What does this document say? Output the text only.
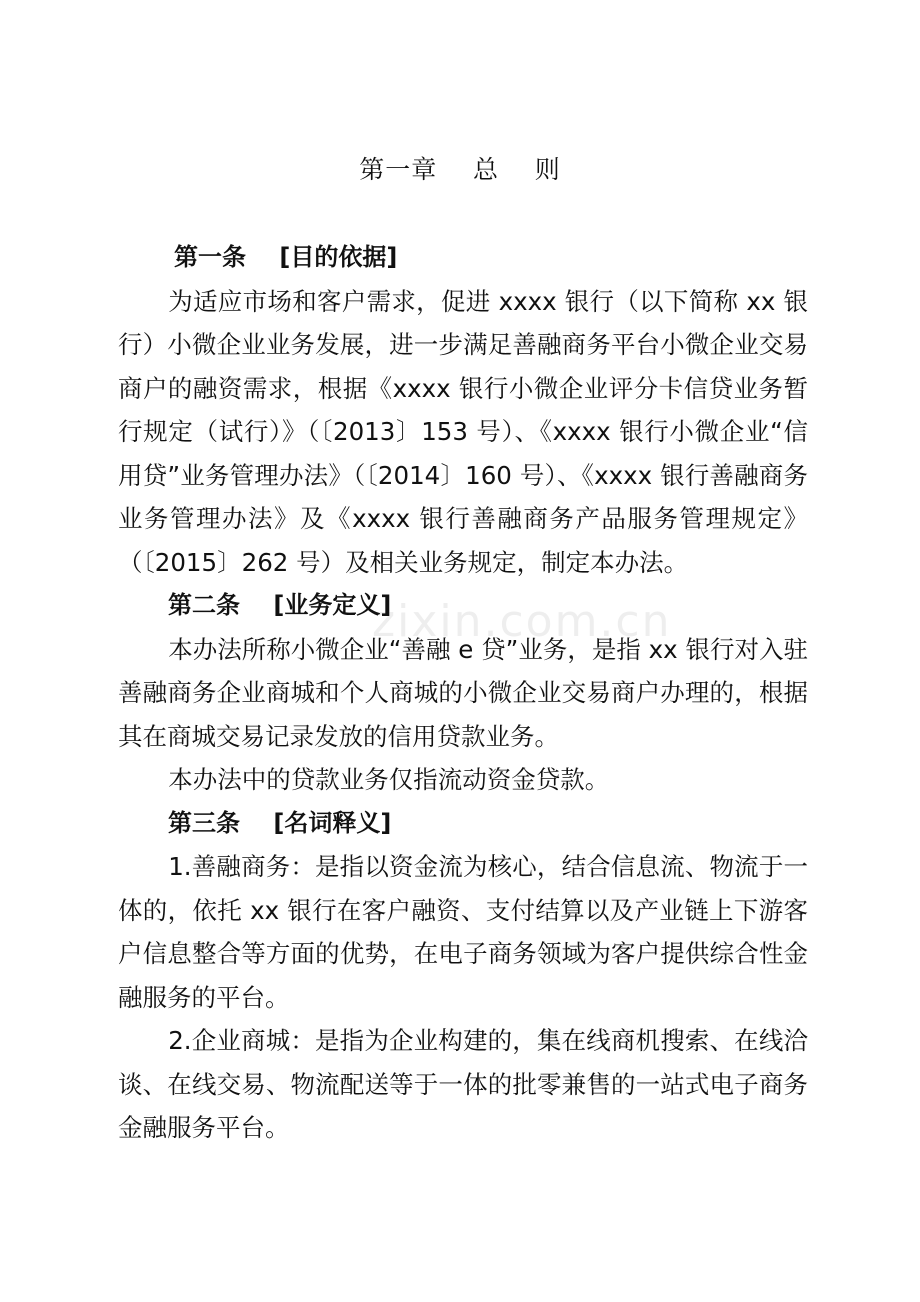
zixin.com.cn
第一章    总    则
第一条    [目的依据]

为适应市场和客户需求，促进 xxxx 银行（以下简称 xx 银行）小微企业业务发展，进一步满足善融商务平台小微企业交易商户的融资需求，根据《xxxx 银行小微企业评分卡信贷业务暂行规定（试行）》（〔2013〕153 号）、《xxxx 银行小微企业“信用贷”业务管理办法》（〔2014〕160 号）、《xxxx 银行善融商务业务管理办法》及《xxxx 银行善融商务产品服务管理规定》（〔2015〕262 号）及相关业务规定，制定本办法。

第二条    [业务定义]

本办法所称小微企业“善融 e 贷”业务，是指 xx 银行对入驻善融商务企业商城和个人商城的小微企业交易商户办理的，根据其在商城交易记录发放的信用贷款业务。

本办法中的贷款业务仅指流动资金贷款。

第三条    [名词释义]

1.善融商务：是指以资金流为核心，结合信息流、物流于一体的，依托 xx 银行在客户融资、支付结算以及产业链上下游客户信息整合等方面的优势，在电子商务领域为客户提供综合性金融服务的平台。

2.企业商城：是指为企业构建的，集在线商机搜索、在线洽谈、在线交易、物流配送等于一体的批零兼售的一站式电子商务金融服务平台。
